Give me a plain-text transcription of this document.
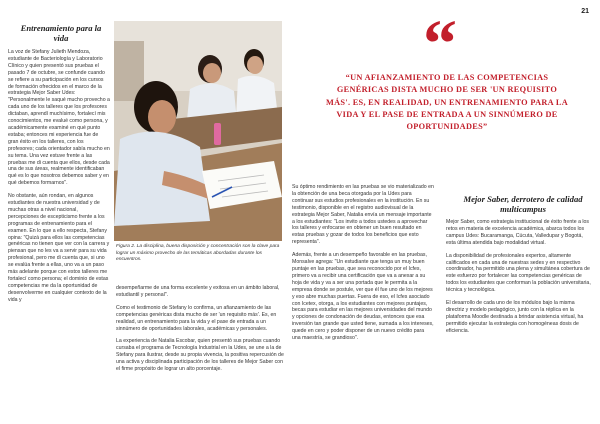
21
Entrenamiento para la vida

La voz de Stefany Julieth Mendoza, estudiante de Bacteriología y Laboratorio Clínico y quien presentó sus pruebas el pasado 7 de octubre, se confunde cuando se refiere a su participación en los cursos de formación ofrecidos en el marco de la estrategia Mejor Saber Udes: "Personalmente le saqué mucho provecho a cada uno de los talleres que los profesores dictaban, aprendí muchísimo, fortalecí mis conocimientos, me evalué como persona, y académicamente examiné en qué punto estaba; entonces mi experiencia fue de gran éxito en los talleres, con los profesores; cada orientador sabía mucho en su tema. Una vez estuve frente a las pruebas me di cuenta que ellos, desde cada una de sus áreas, realmente identificaban qué es lo que nosotros debemos saber y en qué debemos formarnos".

No obstante, aún rondan, en algunos estudiantes de nuestra universidad y de muchas otras a nivel nacional, percepciones de escepticismo frente a los programas de entrenamiento para el examen. En lo que a ello respecta, Stefany opina: "Quizá para ellos las competencias genéricas no tienen que ver con la carrera y piensan que no les va a servir para su vida profesional, pero me di cuenta que, si uno se evalúa frente a ellas, uno va a un paso más adelante porque con estos talleres me fortalecí como persona; el dominio de estas competencias me da la oportunidad de desenvolverme en cualquier contexto de la vida y

Figura 2. La disciplina, buena disposición y concentración son la clave para lograr un máximo provecho de las temáticas abordadas durante los encuentros.

desempeñarme de una forma excelente y exitosa en un ámbito laboral, estudiantil y personal".

Como el testimonio de Stefany lo confirma, un afianzamiento de las competencias genéricas dista mucho de ser 'un requisito más'. Es, en realidad, un entrenamiento para la vida y el pase de entrada a un sinnúmero de oportunidades laborales, académicas y personales.

La experiencia de Natalia Escobar, quien presentó sus pruebas cuando cursaba el programa de Tecnología Industrial en la Udes, se une a la de Stefany para ilustrar, desde su propia vivencia, la positiva repercusión de una activa y disciplinada participación de los talleres de Mejor Saber con el firme propósito de lograr un alto porcentaje.

“
“UN AFIANZAMIENTO DE LAS COMPETENCIAS GENÉRICAS DISTA MUCHO DE SER 'UN REQUISITO MÁS'. ES, EN REALIDAD, UN ENTRENAMIENTO PARA LA VIDA Y EL PASE DE ENTRADA A UN SINNÚMERO DE OPORTUNIDADES”

Su óptimo rendimiento en las pruebas se vio materializado en la obtención de una beca otorgada por la Udes para continuar sus estudios profesionales en la institución. En su testimonio, disponible en el registro audiovisual de la estrategia Mejor Saber, Natalia envía un mensaje importante a los estudiantes: "Los invito a todos ustedes a aprovechar los talleres y enfocarse en obtener un buen resultado en estas pruebas y gozar de todos los beneficios que esto representa".

Además, frente a un desempeño favorable en las pruebas, Monsalve agrega: "Un estudiante que tenga un muy buen puntaje en las pruebas, que sea reconocido por el Icfes, primero va a recibir una certificación que va a anexar a su hoja de vida y va a ser una portada que le permita a la empresa donde se postule, ver que él fue uno de los mejores y eso abre muchas puertas. Fuera de eso, el Icfes asociado con Icetex, otorga, a los estudiantes con mejores puntajes, becas para estudiar en las mejores universidades del mundo y opciones de condonación de deudas, entonces que esa inversión tan grande que usted tiene, sumada a los intereses, quede en cero y poder disponer de un nuevo crédito para una maestría, se grandioso".

Mejor Saber, derrotero de calidad multicampus

Mejor Saber, como estrategia institucional de éxito frente a los retos en materia de excelencia académica, abarca todos los campus Udes: Bucaramanga, Cúcuta, Valledupar y Bogotá, esta última atendida bajo modalidad virtual.

La disponibilidad de profesionales expertos, altamente calificados en cada una de nuestras sedes y en respectivo coordinador, ha permitido una plena y simultánea cobertura de este esfuerzo por fortalecer las competencias genéricas de todos los estudiantes que conforman la población universitaria, técnica y tecnológica.

El desarrollo de cada uno de los módulos bajo la misma directriz y modelo pedagógico, junto con la réplica en la plataforma Moodle destinada a brindar asistencia virtual, ha permitido ejecutar la estrategia con homogéneas dosis de eficiencia.
